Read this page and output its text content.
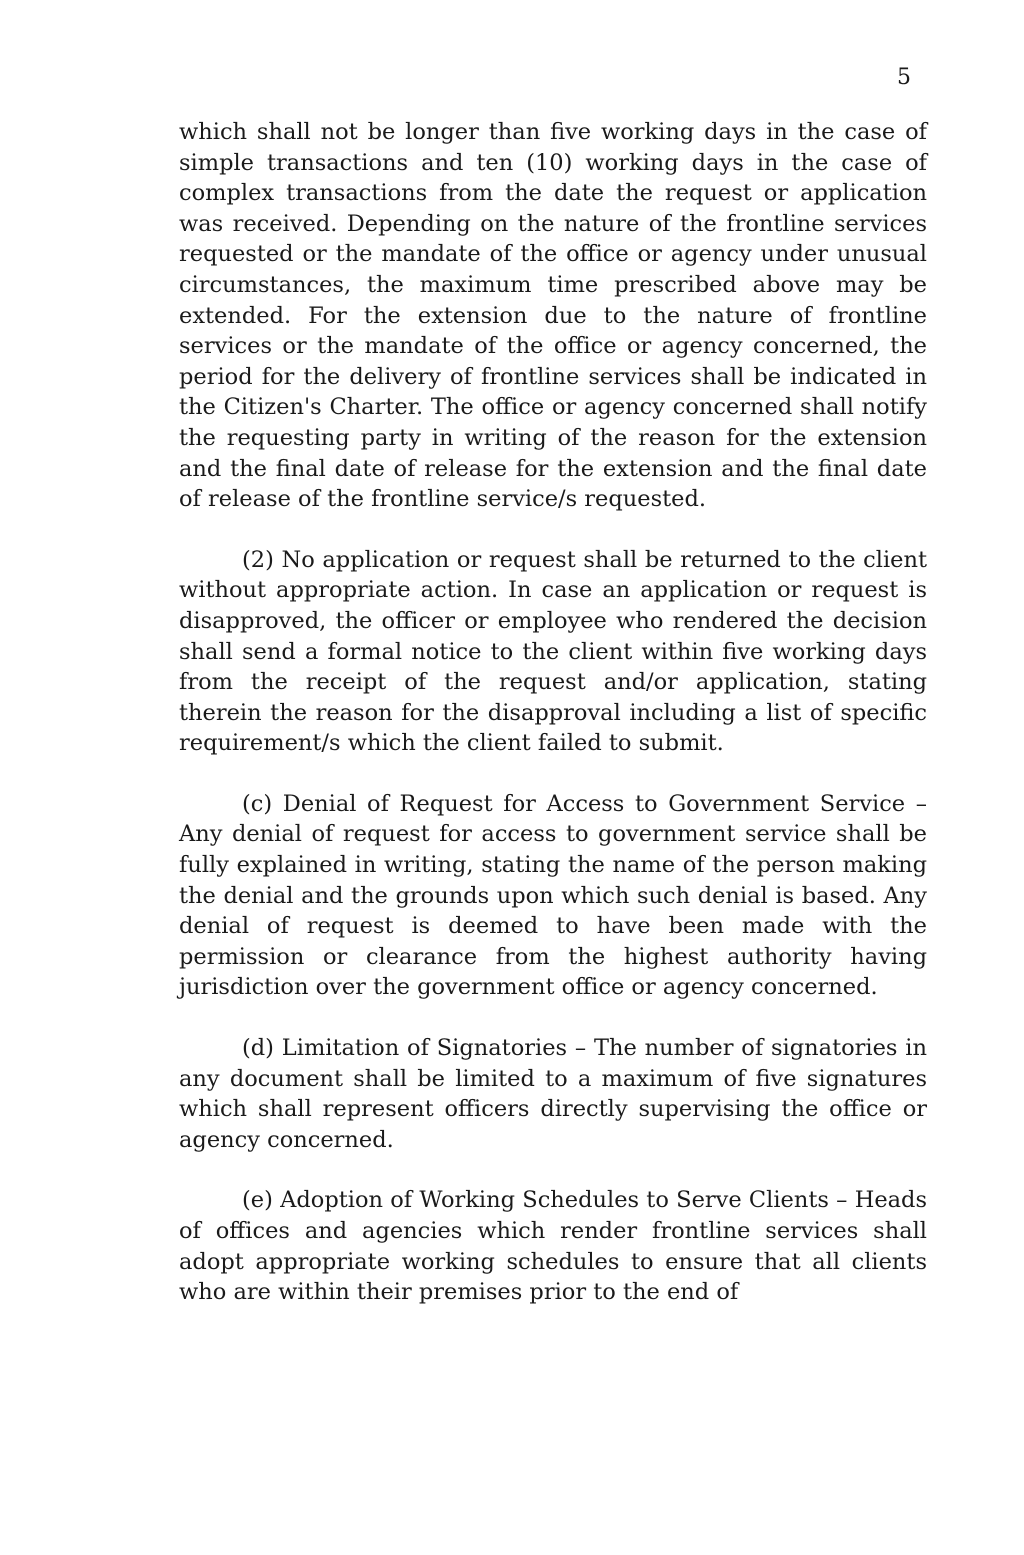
5

which shall not be longer than five working days in the case of simple transactions and ten (10) working days in the case of complex transactions from the date the request or application was received. Depending on the nature of the frontline services requested or the mandate of the office or agency under unusual circumstances, the maximum time prescribed above may be extended. For the extension due to the nature of frontline services or the mandate of the office or agency concerned, the period for the delivery of frontline services shall be indicated in the Citizen's Charter. The office or agency concerned shall notify the requesting party in writing of the reason for the extension and the final date of release for the extension and the final date of release of the frontline service/s requested.

(2) No application or request shall be returned to the client without appropriate action. In case an application or request is disapproved, the officer or employee who rendered the decision shall send a formal notice to the client within five working days from the receipt of the request and/or application, stating therein the reason for the disapproval including a list of specific requirement/s which the client failed to submit.

(c) Denial of Request for Access to Government Service – Any denial of request for access to government service shall be fully explained in writing, stating the name of the person making the denial and the grounds upon which such denial is based. Any denial of request is deemed to have been made with the permission or clearance from the highest authority having jurisdiction over the government office or agency concerned.

(d) Limitation of Signatories – The number of signatories in any document shall be limited to a maximum of five signatures which shall represent officers directly supervising the office or agency concerned.

(e) Adoption of Working Schedules to Serve Clients – Heads of offices and agencies which render frontline services shall adopt appropriate working schedules to ensure that all clients who are within their premises prior to the end of
